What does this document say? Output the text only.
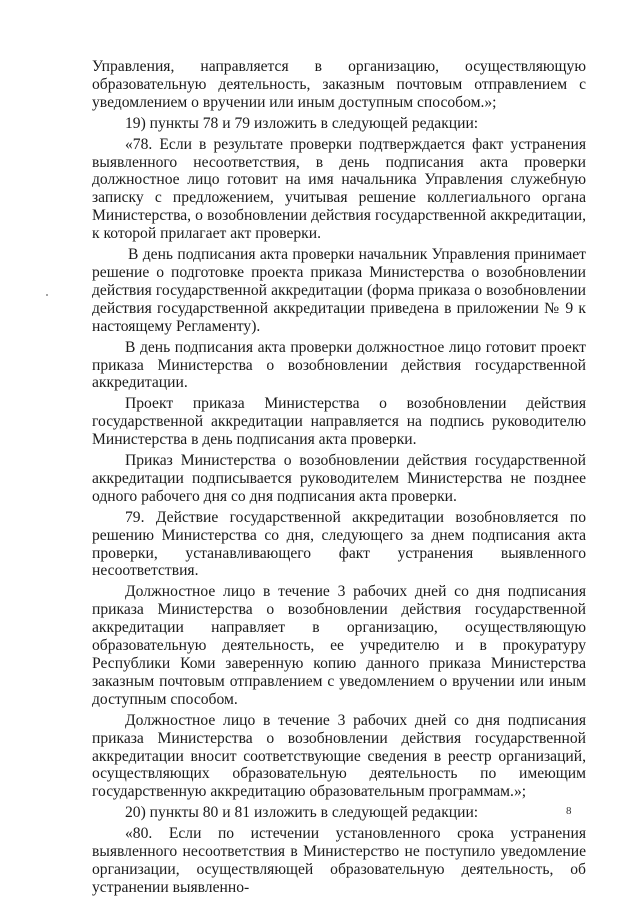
Управления, направляется в организацию, осуществляющую образовательную деятельность, заказным почтовым отправлением с уведомлением о вручении или иным доступным способом.»;

19) пункты 78 и 79 изложить в следующей редакции:

«78. Если в результате проверки подтверждается факт устранения выявленного несоответствия, в день подписания акта проверки должностное лицо готовит на имя начальника Управления служебную записку с предложением, учитывая решение коллегиального органа Министерства, о возобновлении действия государственной аккредитации, к которой прилагает акт проверки.

В день подписания акта проверки начальник Управления принимает решение о подготовке проекта приказа Министерства о возобновлении действия государственной аккредитации (форма приказа о возобновлении действия государственной аккредитации приведена в приложении № 9 к настоящему Регламенту).

В день подписания акта проверки должностное лицо готовит проект приказа Министерства о возобновлении действия государственной аккредитации.

Проект приказа Министерства о возобновлении действия государственной аккредитации направляется на подпись руководителю Министерства в день подписания акта проверки.

Приказ Министерства о возобновлении действия государственной аккредитации подписывается руководителем Министерства не позднее одного рабочего дня со дня подписания акта проверки.

79. Действие государственной аккредитации возобновляется по решению Министерства со дня, следующего за днем подписания акта проверки, устанавливающего факт устранения выявленного несоответствия.

Должностное лицо в течение 3 рабочих дней со дня подписания приказа Министерства о возобновлении действия государственной аккредитации направляет в организацию, осуществляющую образовательную деятельность, ее учредителю и в прокуратуру Республики Коми заверенную копию данного приказа Министерства заказным почтовым отправлением с уведомлением о вручении или иным доступным способом.

Должностное лицо в течение 3 рабочих дней со дня подписания приказа Министерства о возобновлении действия государственной аккредитации вносит соответствующие сведения в реестр организаций, осуществляющих образовательную деятельность по имеющим государственную аккредитацию образовательным программам.»;

20) пункты 80 и 81 изложить в следующей редакции:

«80. Если по истечении установленного срока устранения выявленного несоответствия в Министерство не поступило уведомление организации, осуществляющей образовательную деятельность, об устранении выявленно-

8
